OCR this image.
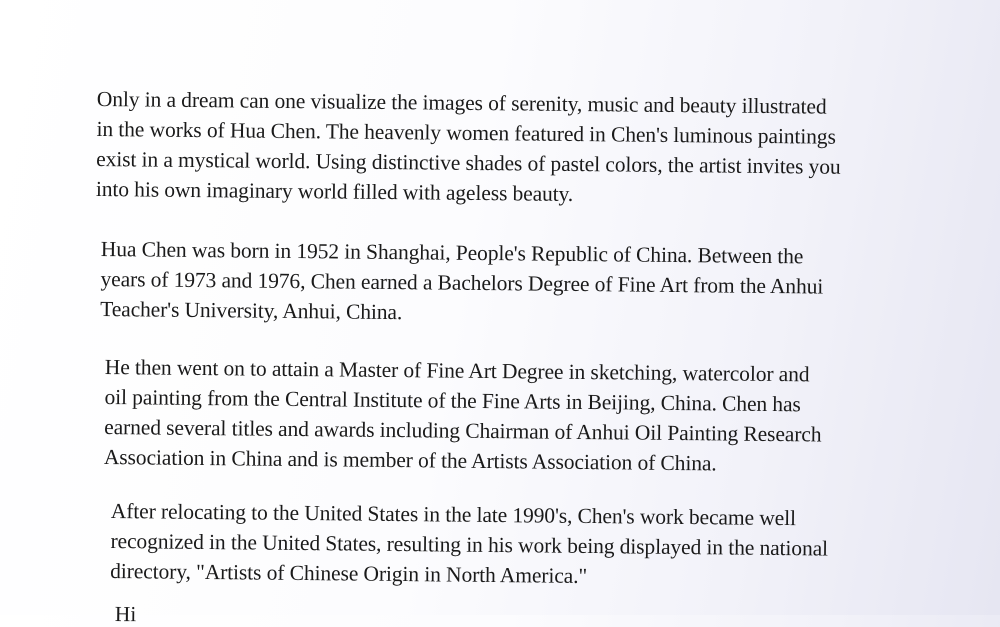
Only in a dream can one visualize the images of serenity, music and beauty illustrated
in the works of Hua Chen. The heavenly women featured in Chen's luminous paintings
exist in a mystical world. Using distinctive shades of pastel colors, the artist invites you
into his own imaginary world filled with ageless beauty.
Hua Chen was born in 1952 in Shanghai, People's Republic of China. Between the
years of 1973 and 1976, Chen earned a Bachelors Degree of Fine Art from the Anhui
Teacher's University, Anhui, China.
He then went on to attain a Master of Fine Art Degree in sketching, watercolor and
oil painting from the Central Institute of the Fine Arts in Beijing, China. Chen has
earned several titles and awards including Chairman of Anhui Oil Painting Research
Association in China and is member of the Artists Association of China.
After relocating to the United States in the late 1990's, Chen's work became well
recognized in the United States, resulting in his work being displayed in the national
directory, "Artists of Chinese Origin in North America."
Hi
